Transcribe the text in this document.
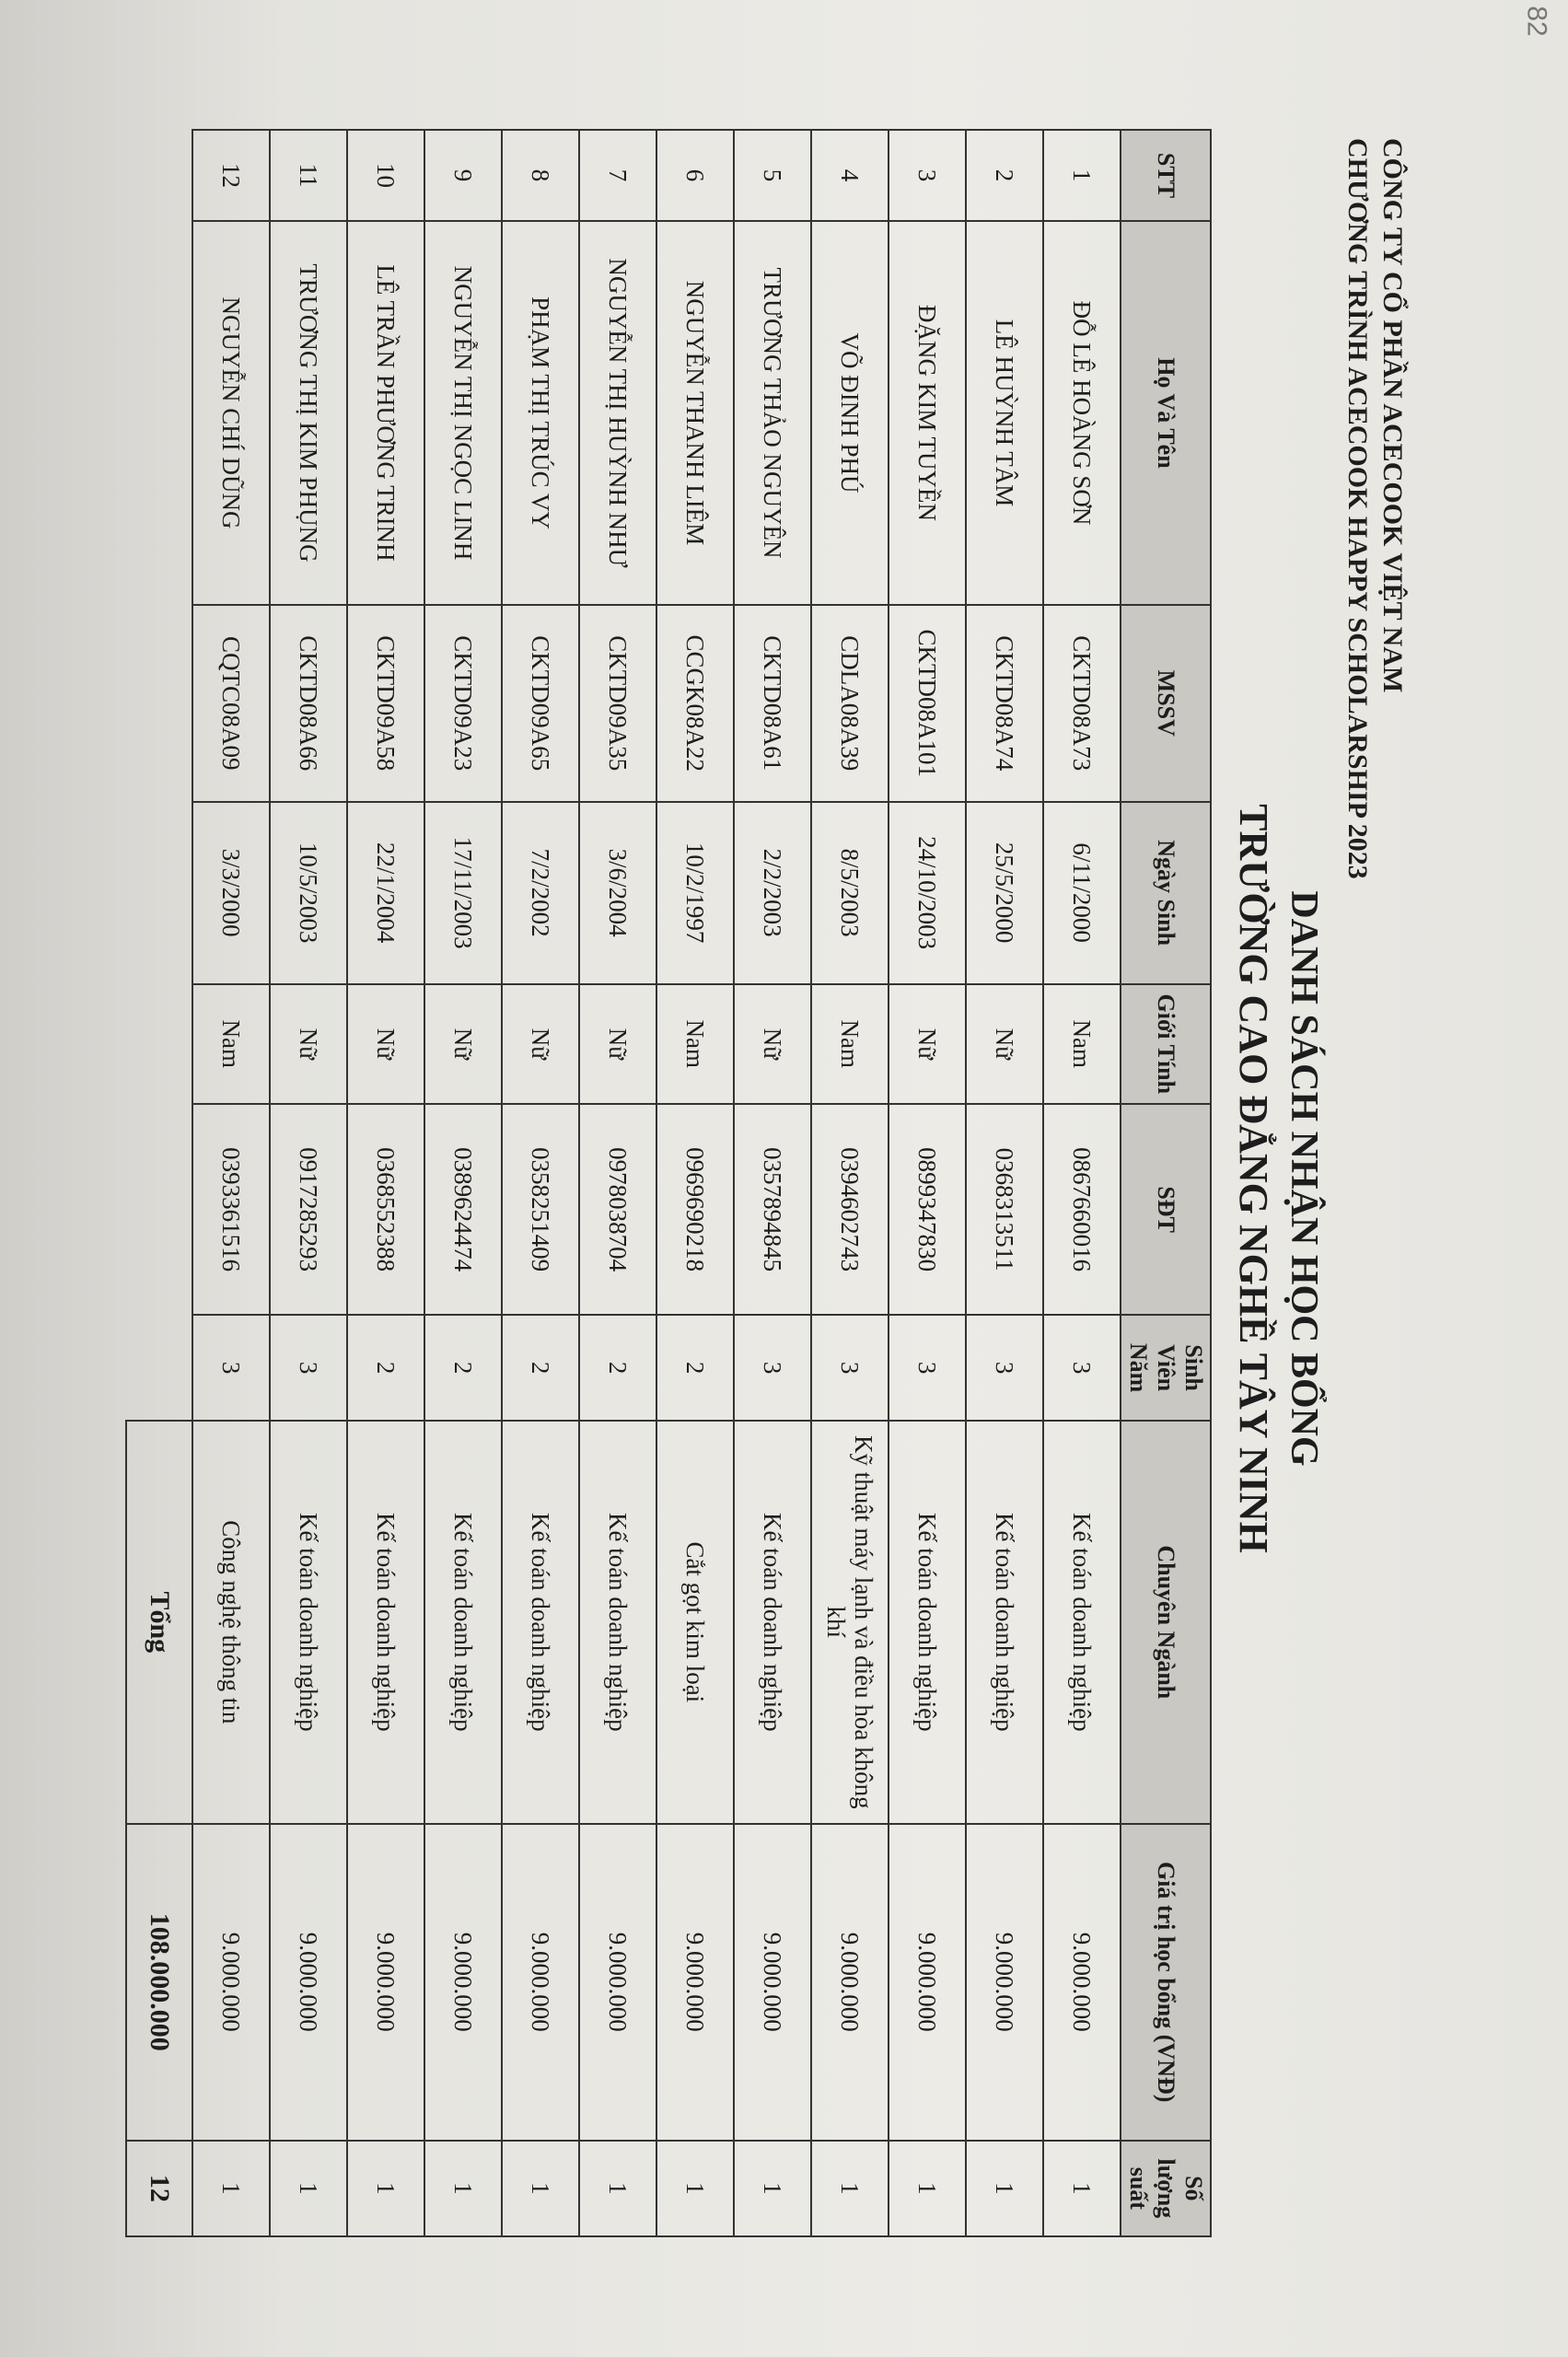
82
CÔNG TY CỔ PHẦN ACECOOK VIỆT NAM
CHƯƠNG TRÌNH ACECOOK HAPPY SCHOLARSHIP 2023
DANH SÁCH NHẬN HỌC BỔNG
TRƯỜNG CAO ĐẲNG NGHỀ TÂY NINH
STT	Họ Và Tên	MSSV	Ngày Sinh	Giới Tính	SĐT	Sinh Viên Năm	Chuyên Ngành	Giá trị học bổng (VNĐ)	Số lượng suất
1	ĐỖ LÊ HOÀNG SƠN	CKTD08A73	6/11/2000	Nam	0867660016	3	Kế toán doanh nghiệp	9.000.000	1
2	LÊ HUỲNH TÂM	CKTD08A74	25/5/2000	Nữ	0368313511	3	Kế toán doanh nghiệp	9.000.000	1
3	ĐẶNG KIM TUYỀN	CKTD08A101	24/10/2003	Nữ	0899347830	3	Kế toán doanh nghiệp	9.000.000	1
4	VÕ ĐINH PHÚ	CDLA08A39	8/5/2003	Nam	0394602743	3	Kỹ thuật máy lạnh và điều hòa không khí	9.000.000	1
5	TRƯƠNG THẢO NGUYÊN	CKTD08A61	2/2/2003	Nữ	0357894845	3	Kế toán doanh nghiệp	9.000.000	1
6	NGUYỄN THANH LIÊM	CCGK08A22	10/2/1997	Nam	0969690218	2	Cắt gọt kim loại	9.000.000	1
7	NGUYỄN THỊ HUỲNH NHƯ	CKTD09A35	3/6/2004	Nữ	0978038704	2	Kế toán doanh nghiệp	9.000.000	1
8	PHẠM THỊ TRÚC VY	CKTD09A65	7/2/2002	Nữ	0358251409	2	Kế toán doanh nghiệp	9.000.000	1
9	NGUYỄN THỊ NGỌC LINH	CKTD09A23	17/11/2003	Nữ	0389624474	2	Kế toán doanh nghiệp	9.000.000	1
10	LÊ TRẦN PHƯƠNG TRINH	CKTD09A58	22/1/2004	Nữ	0368552388	2	Kế toán doanh nghiệp	9.000.000	1
11	TRƯƠNG THỊ KIM PHỤNG	CKTD08A66	10/5/2003	Nữ	0917285293	3	Kế toán doanh nghiệp	9.000.000	1
12	NGUYỄN CHÍ DŨNG	CQTC08A09	3/3/2000	Nam	0393361516	3	Công nghệ thông tin	9.000.000	1
							Tổng	108.000.000	12
